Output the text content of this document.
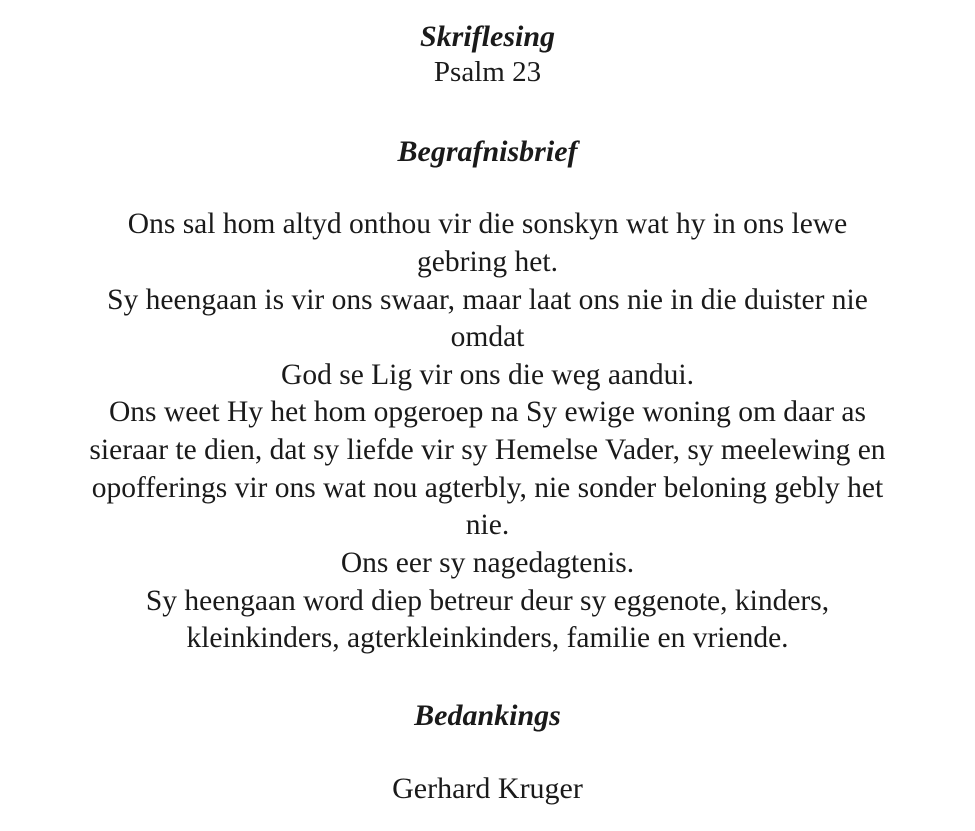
Skriflesing
Psalm 23
Begrafnisbrief
Ons sal hom altyd onthou vir die sonskyn wat hy in ons lewe
gebring het.
Sy heengaan is vir ons swaar, maar laat ons nie in die duister nie
omdat
God se Lig vir ons die weg aandui.
Ons weet Hy het hom opgeroep na Sy ewige woning om daar as
sieraar te dien, dat sy liefde vir sy Hemelse Vader, sy meelewing en
opofferings vir ons wat nou agterbly, nie sonder beloning gebly het
nie.
Ons eer sy nagedagtenis.
Sy heengaan word diep betreur deur sy eggenote, kinders,
kleinkinders, agterkleinkinders, familie en vriende.
Bedankings
Gerhard Kruger
